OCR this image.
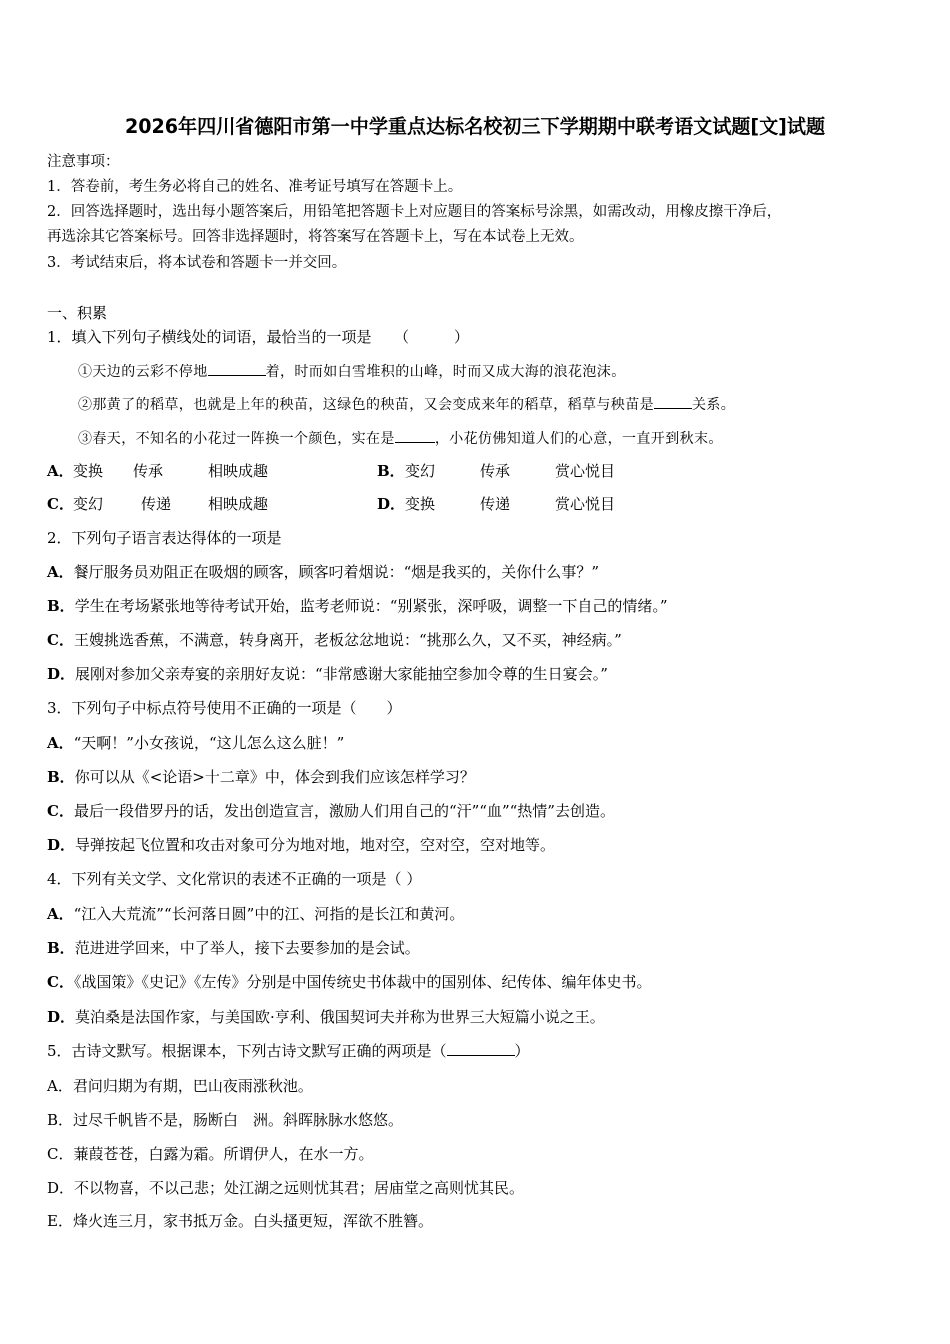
2026年四川省德阳市第一中学重点达标名校初三下学期期中联考语文试题[文]试题
注意事项：
1．答卷前，考生务必将自己的姓名、准考证号填写在答题卡上。
2．回答选择题时，选出每小题答案后，用铅笔把答题卡上对应题目的答案标号涂黑，如需改动，用橡皮擦干净后，
再选涂其它答案标号。回答非选择题时，将答案写在答题卡上，写在本试卷上无效。
3．考试结束后，将本试卷和答题卡一并交回。
一、积累
1．填入下列句子横线处的词语，最恰当的一项是　　（　　　）
①天边的云彩不停地	着，时而如白雪堆积的山峰，时而又成大海的浪花泡沫。
②那黄了的稻草，也就是上年的秧苗，这绿色的秧苗，又会变成来年的稻草，稻草与秧苗是	关系。
③春天，不知名的小花过一阵换一个颜色，实在是	，小花仿佛知道人们的心意，一直开到秋末。
A． 变换 传承	相映成趣	B． 变幻	传承	赏心悦目
C． 变幻	传递 相映成趣	D． 变换	传递	赏心悦目
2．下列句子语言表达得体的一项是
A．餐厅服务员劝阻正在吸烟的顾客，顾客叼着烟说：“烟是我买的，关你什么事？”
B．学生在考场紧张地等待考试开始，监考老师说：“别紧张，深呼吸，调整一下自己的情绪。”
C．王嫂挑选香蕉，不满意，转身离开，老板忿忿地说：“挑那么久，又不买，神经病。”
D．展刚对参加父亲寿宴的亲朋好友说：“非常感谢大家能抽空参加令尊的生日宴会。”
3．下列句子中标点符号使用不正确的一项是（　　）
A．“天啊！”小女孩说，“这儿怎么这么脏！”
B．你可以从《<论语>十二章》中，体会到我们应该怎样学习？
C．最后一段借罗丹的话，发出创造宣言，激励人们用自己的“汗”“血”“热情”去创造。
D．导弹按起飞位置和攻击对象可分为地对地，地对空，空对空，空对地等。
4．下列有关文学、文化常识的表述不正确的一项是（ ）
A．“江入大荒流”“长河落日圆”中的江、河指的是长江和黄河。
B．范进进学回来，中了举人，接下去要参加的是会试。
C．《战国策》《史记》《左传》分别是中国传统史书体裁中的国别体、纪传体、编年体史书。
D．莫泊桑是法国作家，与美国欧·亨利、俄国契诃夫并称为世界三大短篇小说之王。
5．古诗文默写。根据课本，下列古诗文默写正确的两项是（	）
A．君问归期为有期，巴山夜雨涨秋池。
B．过尽千帆皆不是，肠断白　洲。斜晖脉脉水悠悠。
C．蒹葭苍苍，白露为霜。所谓伊人，在水一方。
D．不以物喜，不以己悲；处江湖之远则忧其君；居庙堂之高则忧其民。
E．烽火连三月，家书抵万金。白头搔更短，浑欲不胜簪。
